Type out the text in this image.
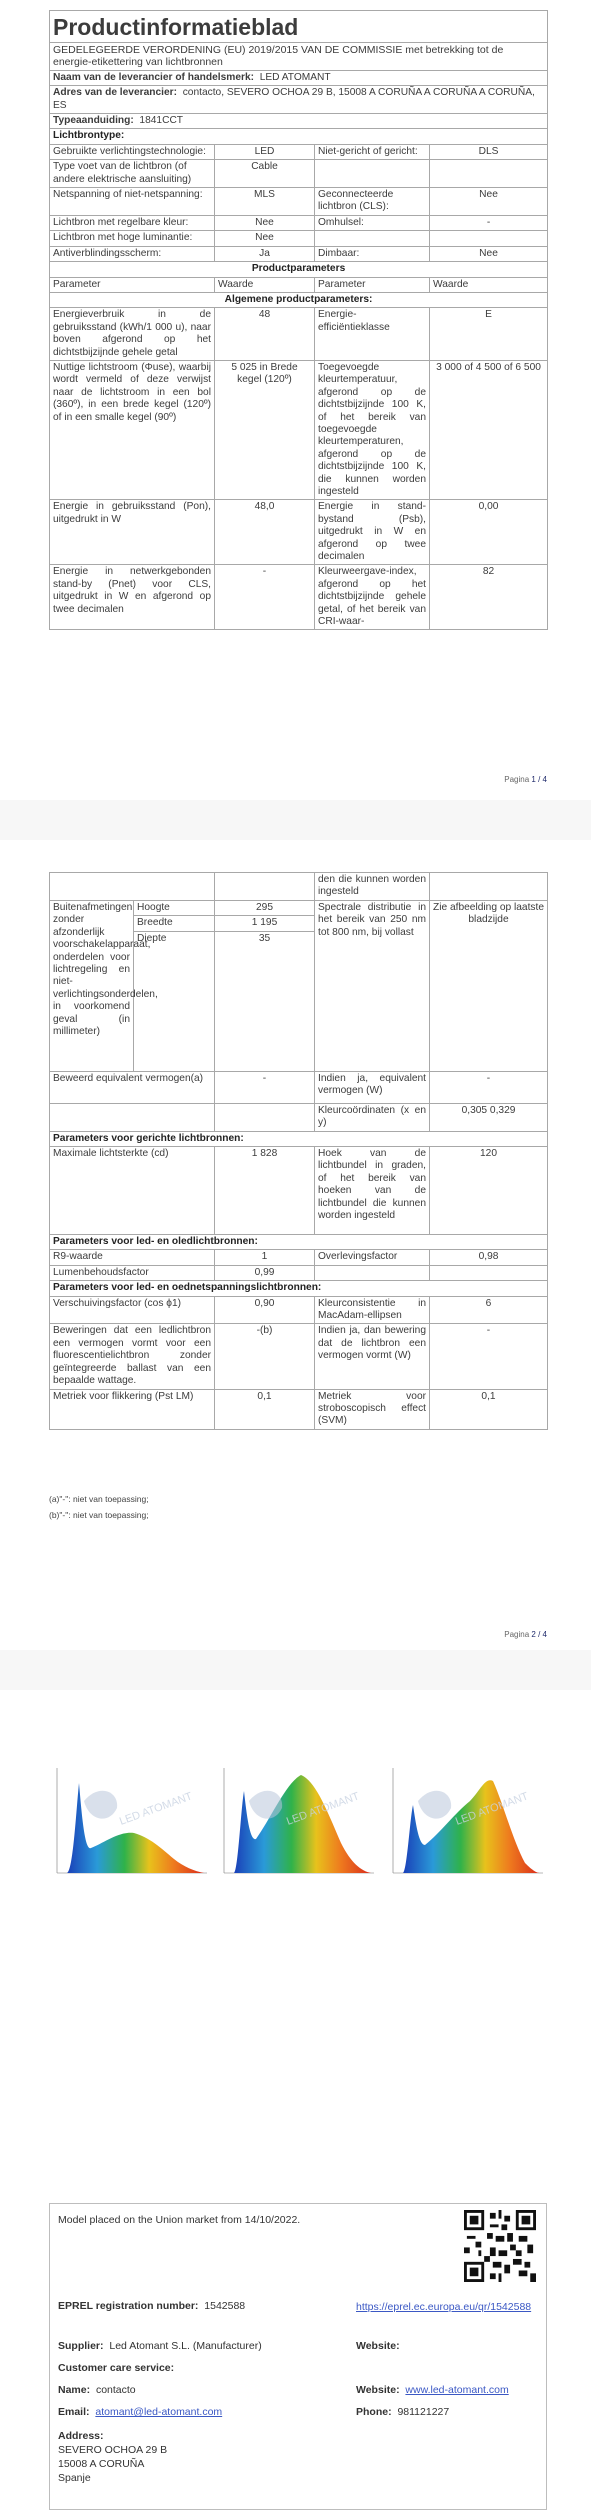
Productinformatieblad			
GEDELEGEERDE VERORDENING (EU) 2019/2015 VAN DE COMMISSIE met betrekking tot de energie-etikettering van lichtbronnen			
Naam van de leverancier of handelsmerk: LED ATOMANT			
Adres van de leverancier: contacto, SEVERO OCHOA 29 B, 15008 A CORUÑA A CORUÑA A CORUÑA, ES			
Typeaanduiding: 1841CCT			
Lichtbrontype:			
Gebruikte verlichtingstechnologie:	LED	Niet-gericht of gericht:	DLS
Type voet van de lichtbron (of andere elektrische aansluiting)	Cable		
Netspanning of niet-netspanning:	MLS	Geconnecteerde lichtbron (CLS):	Nee
Lichtbron met regelbare kleur:	Nee	Omhulsel:	-
Lichtbron met hoge luminantie:	Nee		
Antiverblindingsscherm:	Ja	Dimbaar:	Nee
Productparameters			
Parameter	Waarde	Parameter	Waarde
Algemene productparameters:			
Energieverbruik in de gebruiksstand (kWh/1 000 u), naar boven afgerond op het dichtstbijzijnde gehele getal	48	Energie-efficiëntieklasse	E
Nuttige lichtstroom (Φuse), waarbij wordt vermeld of deze verwijst naar de lichtstroom in een bol (360º), in een brede kegel (120º) of in een smalle kegel (90º)	5 025 in Brede kegel (120º)	Toegevoegde kleurtemperatuur, afgerond op de dichtstbijzijnde 100 K, of het bereik van toegevoegde kleurtemperaturen, afgerond op de dichtstbijzijnde 100 K, die kunnen worden ingesteld	3 000 of 4 500 of 6 500
Energie in gebruiksstand (Pon), uitgedrukt in W	48,0	Energie in stand-bystand (Psb), uitgedrukt in W en afgerond op twee decimalen	0,00
Energie in netwerkgebonden stand-by (Pnet) voor CLS, uitgedrukt in W en afgerond op twee decimalen	-	Kleurweergave-index, afgerond op het dichtstbijzijnde gehele getal, of het bereik van CRI-waar-	82
Pagina 1 / 4
			den die kunnen worden ingesteld	
Buitenafmetingen zonder afzonderlijk voorschakelapparaat, onderdelen voor lichtregeling en niet-verlichtingsonderdelen, in voorkomend geval (in millimeter)	Hoogte	295	Spectrale distributie in het bereik van 250 nm tot 800 nm, bij vollast	Zie afbeelding op laatste bladzijde
	Breedte	1 195		
	Diepte	35		
Beweerd equivalent vermogen(a)		-	Indien ja, equivalent vermogen (W)	-
			Kleurcoördinaten (x en y)	0,305 0,329
Parameters voor gerichte lichtbronnen:				
Maximale lichtsterkte (cd)		1 828	Hoek van de lichtbundel in graden, of het bereik van hoeken van de lichtbundel die kunnen worden ingesteld	120
Parameters voor led- en oledlichtbronnen:				
R9-waarde		1	Overlevingsfactor	0,98
Lumenbehoudsfactor		0,99		
Parameters voor led- en oednetspanningslichtbronnen:				
Verschuivingsfactor (cos ϕ1)		0,90	Kleurconsistentie in MacAdam-ellipsen	6
Beweringen dat een ledlichtbron een vermogen vormt voor een fluorescentielichtbron zonder geïntegreerde ballast van een bepaalde wattage.		-(b)	Indien ja, dan bewering dat de lichtbron een vermogen vormt (W)	-
Metriek voor flikkering (Pst LM)		0,1	Metriek voor stroboscopisch effect (SVM)	0,1
(a)"-": niet van toepassing;
(b)"-": niet van toepassing;
Pagina 2 / 4
LED ATOMANT	LED ATOMANT	LED ATOMANT
Model placed on the Union market from 14/10/2022.
EPREL registration number: 1542588	https://eprel.ec.europa.eu/qr/1542588
Supplier: Led Atomant S.L. (Manufacturer)	Website:
Customer care service:
Name: contacto	Website: www.led-atomant.com
Email: atomant@led-atomant.com	Phone: 981121227
Address:
SEVERO OCHOA 29 B
15008 A CORUÑA
Spanje
